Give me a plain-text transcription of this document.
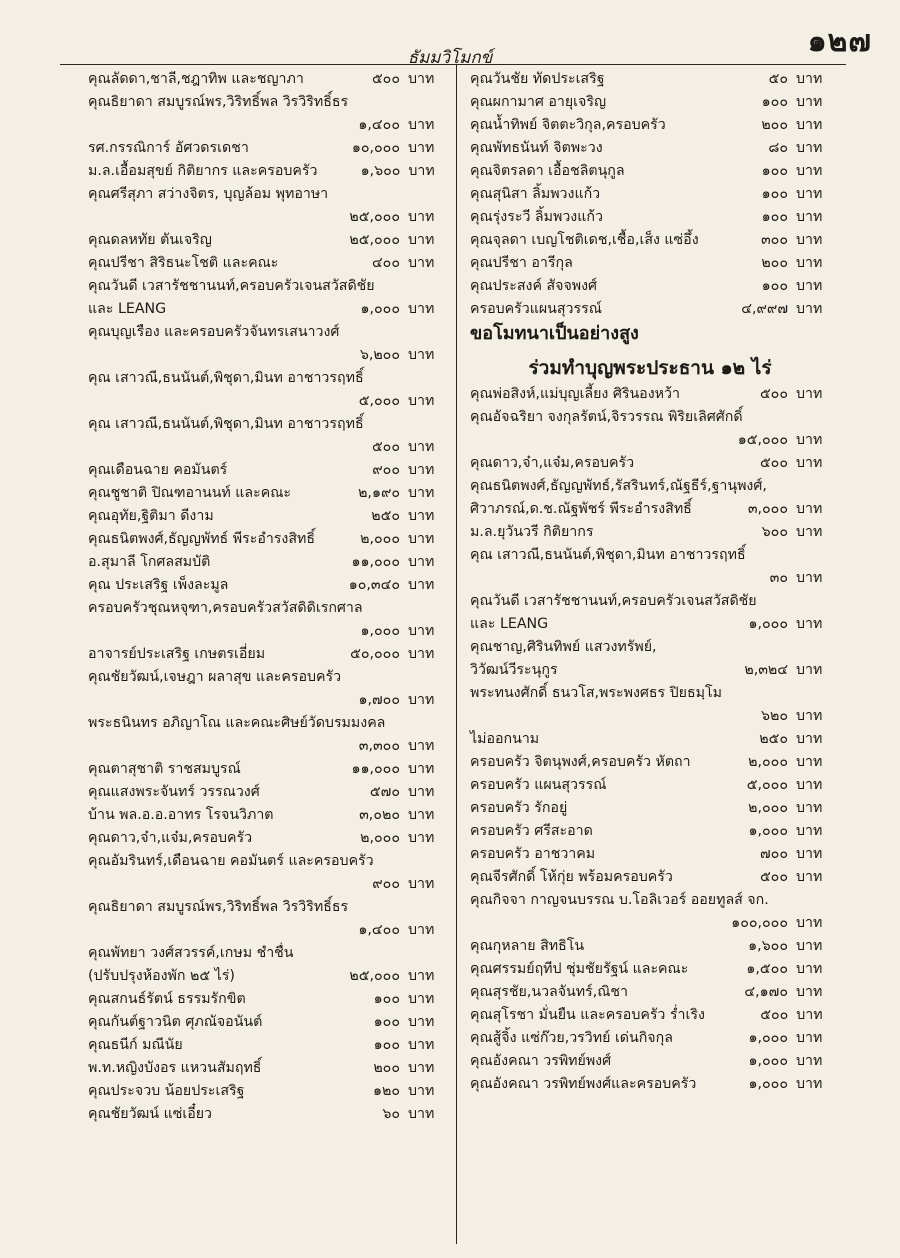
๑๒๗
ธัมมวิโมกข์
คุณลัดดา,ชาลี,ชฎาทิพ และชญาภา	๕๐๐ บาท
คุณธิยาดา สมบูรณ์พร,วิริทธิ์พล วิรวิริทธิ์ธร
๑,๔๐๐ บาท
รศ.กรรณิการ์ อัศวดรเดชา	๑๐,๐๐๐ บาท
ม.ล.เอื้อมสุขย์ กิติยากร และครอบครัว	๑,๖๐๐ บาท
คุณศรีสุภา สว่างจิตร, บุญล้อม พุทอาษา
๒๕,๐๐๐ บาท
คุณดลหทัย ตันเจริญ	๒๕,๐๐๐ บาท
คุณปรีชา สิริธนะโชติ และคณะ	๔๐๐ บาท
คุณวันดี เวสารัชชานนท์,ครอบครัวเจนสวัสดิชัย
และ LEANG	๑,๐๐๐ บาท
คุณบุญเรือง และครอบครัวจันทรเสนาวงศ์
๖,๒๐๐ บาท
คุณ เสาวณี,ธนนันต์,พิชุดา,มินท อาชาวรฤทธิ์
๕,๐๐๐ บาท
คุณ เสาวณี,ธนนันต์,พิชุดา,มินท อาชาวรฤทธิ์
๕๐๐ บาท
คุณเดือนฉาย คอมันตร์	๙๐๐ บาท
คุณชูชาติ ปิณฑอานนท์ และคณะ	๒,๑๙๐ บาท
คุณอุทัย,ฐิติมา ดีงาม	๒๕๐ บาท
คุณธนิตพงศ์,ธัญญพัทธ์ พีระอำรงสิทธิ์	๒,๐๐๐ บาท
อ.สุมาลี โกศลสมบัติ	๑๑,๐๐๐ บาท
คุณ ประเสริฐ เพ็งละมูล	๑๐,๓๔๐ บาท
ครอบครัวชุณหจุฑา,ครอบครัวสวัสดิดิเรกศาล
๑,๐๐๐ บาท
อาจารย์ประเสริฐ เกษตรเอี่ยม	๕๐,๐๐๐ บาท
คุณชัยวัฒน์,เจษฎา ผลาสุข และครอบครัว
๑,๗๐๐ บาท
พระธนินทร อภิญาโณ และคณะศิษย์วัดบรมมงคล
๓,๓๐๐ บาท
คุณตาสุชาติ ราชสมบูรณ์	๑๑,๐๐๐ บาท
คุณแสงพระจันทร์ วรรณวงศ์	๕๗๐ บาท
บ้าน พล.อ.อ.อาทร โรจนวิภาต	๓,๐๒๐ บาท
คุณดาว,จ๋า,แจ๋ม,ครอบครัว	๒,๐๐๐ บาท
คุณอัมรินทร์,เดือนฉาย คอมันตร์ และครอบครัว
๙๐๐ บาท
คุณธิยาดา สมบูรณ์พร,วิริทธิ์พล วิรวิริทธิ์ธร
๑,๔๐๐ บาท
คุณพัทยา วงศ์สวรรค์,เกษม ชำชื่น
(ปรับปรุงห้องพัก ๒๕ ไร่)	๒๕,๐๐๐ บาท
คุณสกนธ์รัตน์ ธรรมรักขิต	๑๐๐ บาท
คุณกันต์ฐาวนิต ศุภณัจอนันต์	๑๐๐ บาท
คุณธนีก์ มณีนัย	๑๐๐ บาท
พ.ท.หญิงบังอร แหวนสัมฤทธิ์	๒๐๐ บาท
คุณประจวบ น้อยประเสริฐ	๑๒๐ บาท
คุณชัยวัฒน์ แซ่เอี๋ยว	๖๐ บาท
คุณวันชัย ทัดประเสริฐ	๕๐ บาท
คุณผกามาศ อายุเจริญ	๑๐๐ บาท
คุณน้ำทิพย์ จิตตะวิกุล,ครอบครัว	๒๐๐ บาท
คุณพัทธนันท์ จิตพะวง	๘๐ บาท
คุณจิตรลดา เอื้อชลิตนุกูล	๑๐๐ บาท
คุณสุนิสา ลิ้มพวงแก้ว	๑๐๐ บาท
คุณรุ่งระวี ลิ้มพวงแก้ว	๑๐๐ บาท
คุณจุลดา เบญโชติเดช,เชื้อ,เส็ง แซ่อึ้ง	๓๐๐ บาท
คุณปรีชา อารีกุล	๒๐๐ บาท
คุณประสงค์ สัจจพงศ์	๑๐๐ บาท
ครอบครัวแผนสุวรรณ์	๔,๙๙๗ บาท
ขอโมทนาเป็นอย่างสูง
ร่วมทำบุญพระประธาน ๑๒ ไร่
คุณพ่อสิงห์,แม่บุญเลี้ยง ศิรินองหว้า	๕๐๐ บาท
คุณอัจฉริยา จงกุลรัตน์,จิรวรรณ พิริยเลิศศักดิ์
๑๕,๐๐๐ บาท
คุณดาว,จ๋า,แจ๋ม,ครอบครัว	๕๐๐ บาท
คุณธนิตพงศ์,ธัญญพัทธ์,รัสรินทร์,ณัฐธีร์,ฐานุพงศ์,
ศิวาภรณ์,ด.ช.ณัฐพัชร์ พีระอำรงสิทธิ์	๓,๐๐๐ บาท
ม.ล.ยุวันวรี กิติยากร	๖๐๐ บาท
คุณ เสาวณี,ธนนันต์,พิชุดา,มินท อาชาวรฤทธิ์
๓๐ บาท
คุณวันดี เวสารัชชานนท์,ครอบครัวเจนสวัสดิชัย
และ LEANG	๑,๐๐๐ บาท
คุณชาญ,ศิรินทิพย์ แสวงทรัพย์,
วิวัฒน์วีระนุกูร	๒,๓๒๔ บาท
พระทนงศักดิ์ ธนวโส,พระพงศธร ปิยธมฺโม
๖๒๐ บาท
ไม่ออกนาม	๒๕๐ บาท
ครอบครัว จิตนุพงศ์,ครอบครัว หัตถา	๒,๐๐๐ บาท
ครอบครัว แผนสุวรรณ์	๕,๐๐๐ บาท
ครอบครัว รักอยู่	๒,๐๐๐ บาท
ครอบครัว ศรีสะอาด	๑,๐๐๐ บาท
ครอบครัว อาชวาคม	๗๐๐ บาท
คุณจีรศักดิ์ โห้กุ่ย พร้อมครอบครัว	๕๐๐ บาท
คุณกิจจา กาญจนบรรณ บ.โอลิเวอร์ ออยทูลส์ จก.
๑๐๐,๐๐๐ บาท
คุณกุหลาย สิทธิโน	๑,๖๐๐ บาท
คุณศรรมย์ฤทีป ชุ่มชัยรัฐน์ และคณะ	๑,๕๐๐ บาท
คุณสุรชัย,นวลจันทร์,ณิชา	๔,๑๗๐ บาท
คุณสุโรชา มั่นยืน และครอบครัว ร่ำเริง	๕๐๐ บาท
คุณสู้จิ้ง แซ่ก๊วย,วรวิทย์ เด่นกิจกุล	๑,๐๐๐ บาท
คุณอังคณา วรพิทย์พงศ์	๑,๐๐๐ บาท
คุณอังคณา วรพิทย์พงศ์และครอบครัว	๑,๐๐๐ บาท
